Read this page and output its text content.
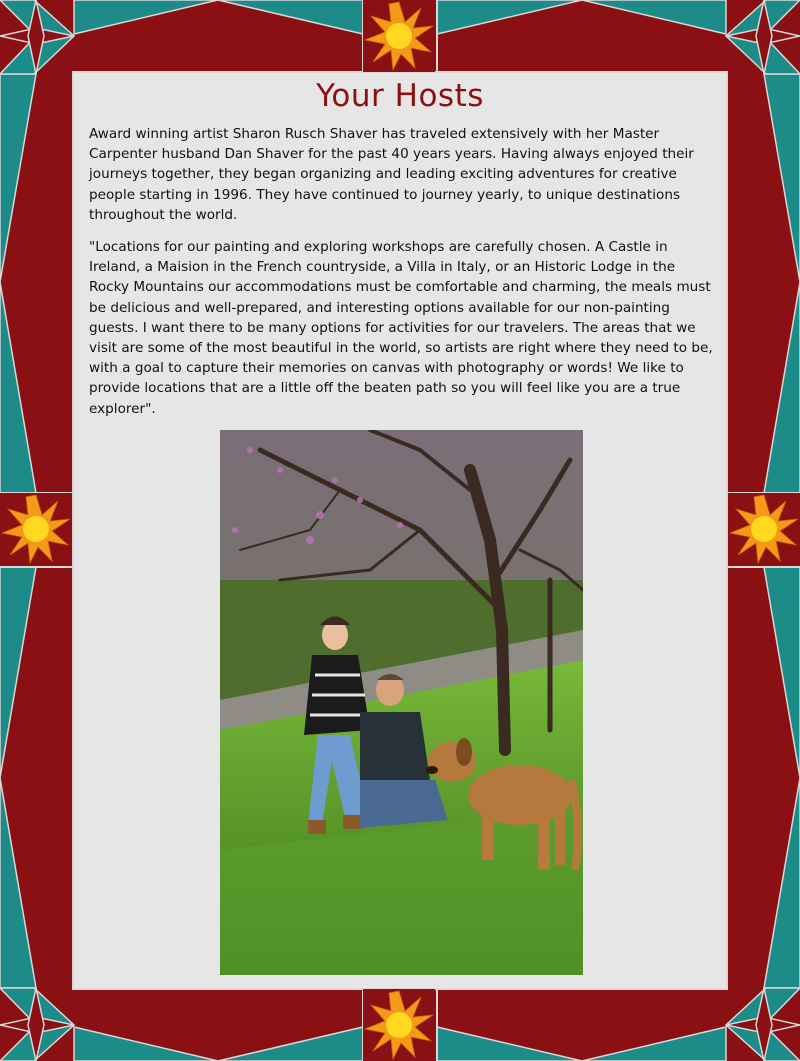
Your Hosts

Award winning artist Sharon Rusch Shaver has traveled extensively with her Master Carpenter husband Dan Shaver for the past 40 years years. Having always enjoyed their journeys together, they began organizing and leading exciting adventures for creative people starting in 1996. They have continued to journey yearly, to unique destinations throughout the world.

"Locations for our painting and exploring workshops are carefully chosen. A Castle in Ireland, a Maision in the French countryside, a Villa in Italy, or an Historic Lodge in the Rocky Mountains our accommodations must be comfortable and charming, the meals must be delicious and well-prepared, and interesting options available for our non-painting guests. I want there to be many options for activities for our travelers. The areas that we visit are some of the most beautiful in the world, so artists are right where they need to be, with a goal to capture their memories on canvas with photography or words! We like to provide locations that are a little off the beaten path so you will feel like you are a true explorer".
